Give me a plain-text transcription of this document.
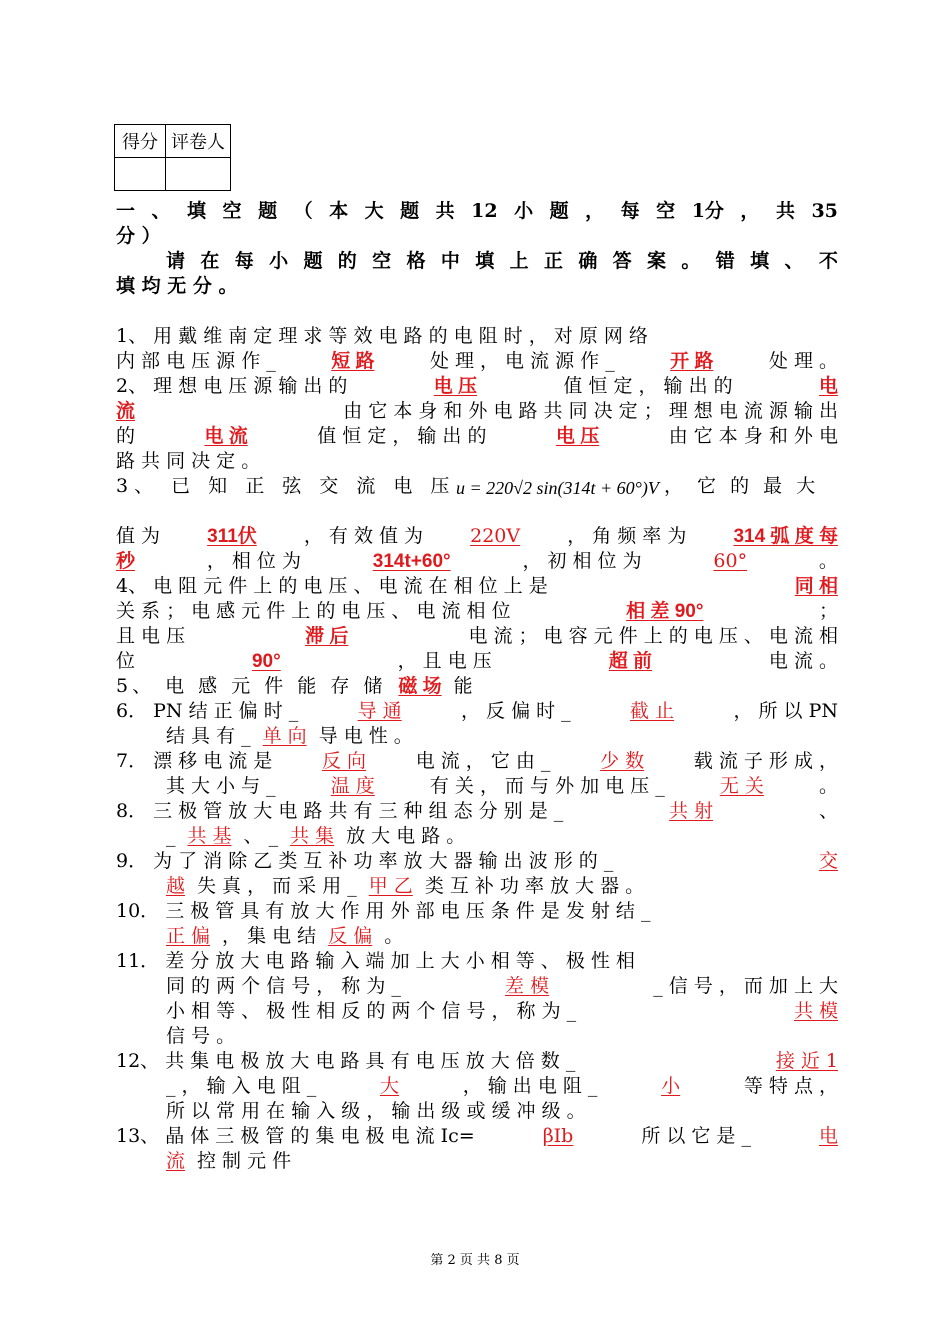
得分	评卷人

一 、 填 空 题 （ 本 大 题 共 12 小 题 ， 每 空 1分 ， 共 35
分 ）
请 在 每 小 题 的 空 格 中 填 上 正 确 答 案 。 错 填 、 不
填 均 无 分 。
1、 用 戴 维 南 定 理 求 等 效 电 路 的 电 阻 时 ， 对 原 网 络
内 部 电 压 源 作 _	短 路	处 理 ， 电 流 源 作 _	开 路	处 理 。
2、 理 想 电 压 源 输 出 的	电 压	值 恒 定 ， 输 出 的	电
流	由 它 本 身 和 外 电 路 共 同 决 定 ； 理 想 电 流 源 输 出
的	电 流	值 恒 定 ， 输 出 的	电 压	由 它 本 身 和 外 电
路 共 同 决 定 。
3、 已 知 正 弦 交 流 电 压 u = 220√2 sin(314t + 60°)V ， 它 的 最 大
值 为 311伏 ， 有 效 值 为 220V ， 角 频 率 为 314 弧 度 每
秒	， 相 位 为	314t+60°	， 初 相 位 为	60°	。
4、 电 阻 元 件 上 的 电 压 、 电 流 在 相 位 上 是	同 相
关 系 ； 电 感 元 件 上 的 电 压 、 电 流 相 位	相 差 90°	；
且 电 压	滞 后	电 流 ； 电 容 元 件 上 的 电 压 、 电 流 相
位	90°	， 且 电 压	超 前	电 流 。
5、 电 感 元 件 能 存 储 磁 场 能
6． PN 结 正 偏 时 _	导 通	， 反 偏 时 _	截 止	， 所 以 PN
结 具 有 _ 单 向 导 电 性 。
7． 漂 移 电 流 是	反 向	电 流 ， 它 由 _	少 数	载 流 子 形 成 ，
其 大 小 与 _	温 度	有 关 ， 而 与 外 加 电 压 _	无 关	。
8． 三 极 管 放 大 电 路 共 有 三 种 组 态 分 别 是 _	共 射	、
_ 共 基 、 _ 共 集 放 大 电 路 。
9． 为 了 消 除 乙 类 互 补 功 率 放 大 器 输 出 波 形 的 _	交
越 失 真 ， 而 采 用 _ 甲 乙 类 互 补 功 率 放 大 器 。
10． 三 极 管 具 有 放 大 作 用 外 部 电 压 条 件 是 发 射 结 _
正 偏 ， 集 电 结 反 偏 。
11． 差 分 放 大 电 路 输 入 端 加 上 大 小 相 等 、 极 性 相
同 的 两 个 信 号 ， 称 为 _	差 模	_ 信 号 ， 而 加 上 大
小 相 等 、 极 性 相 反 的 两 个 信 号 ， 称 为 _	共 模
信 号 。
12、 共 集 电 极 放 大 电 路 具 有 电 压 放 大 倍 数 _	接 近 1
_ ， 输 入 电 阻 _	大	， 输 出 电 阻 _	小	等 特 点 ，
所 以 常 用 在 输 入 级 ， 输 出 级 或 缓 冲 级 。
13、 晶 体 三 极 管 的 集 电 极 电 流 Ic=	βIb	所 以 它 是 _	电
流 控 制 元 件
第 2 页 共 8 页
